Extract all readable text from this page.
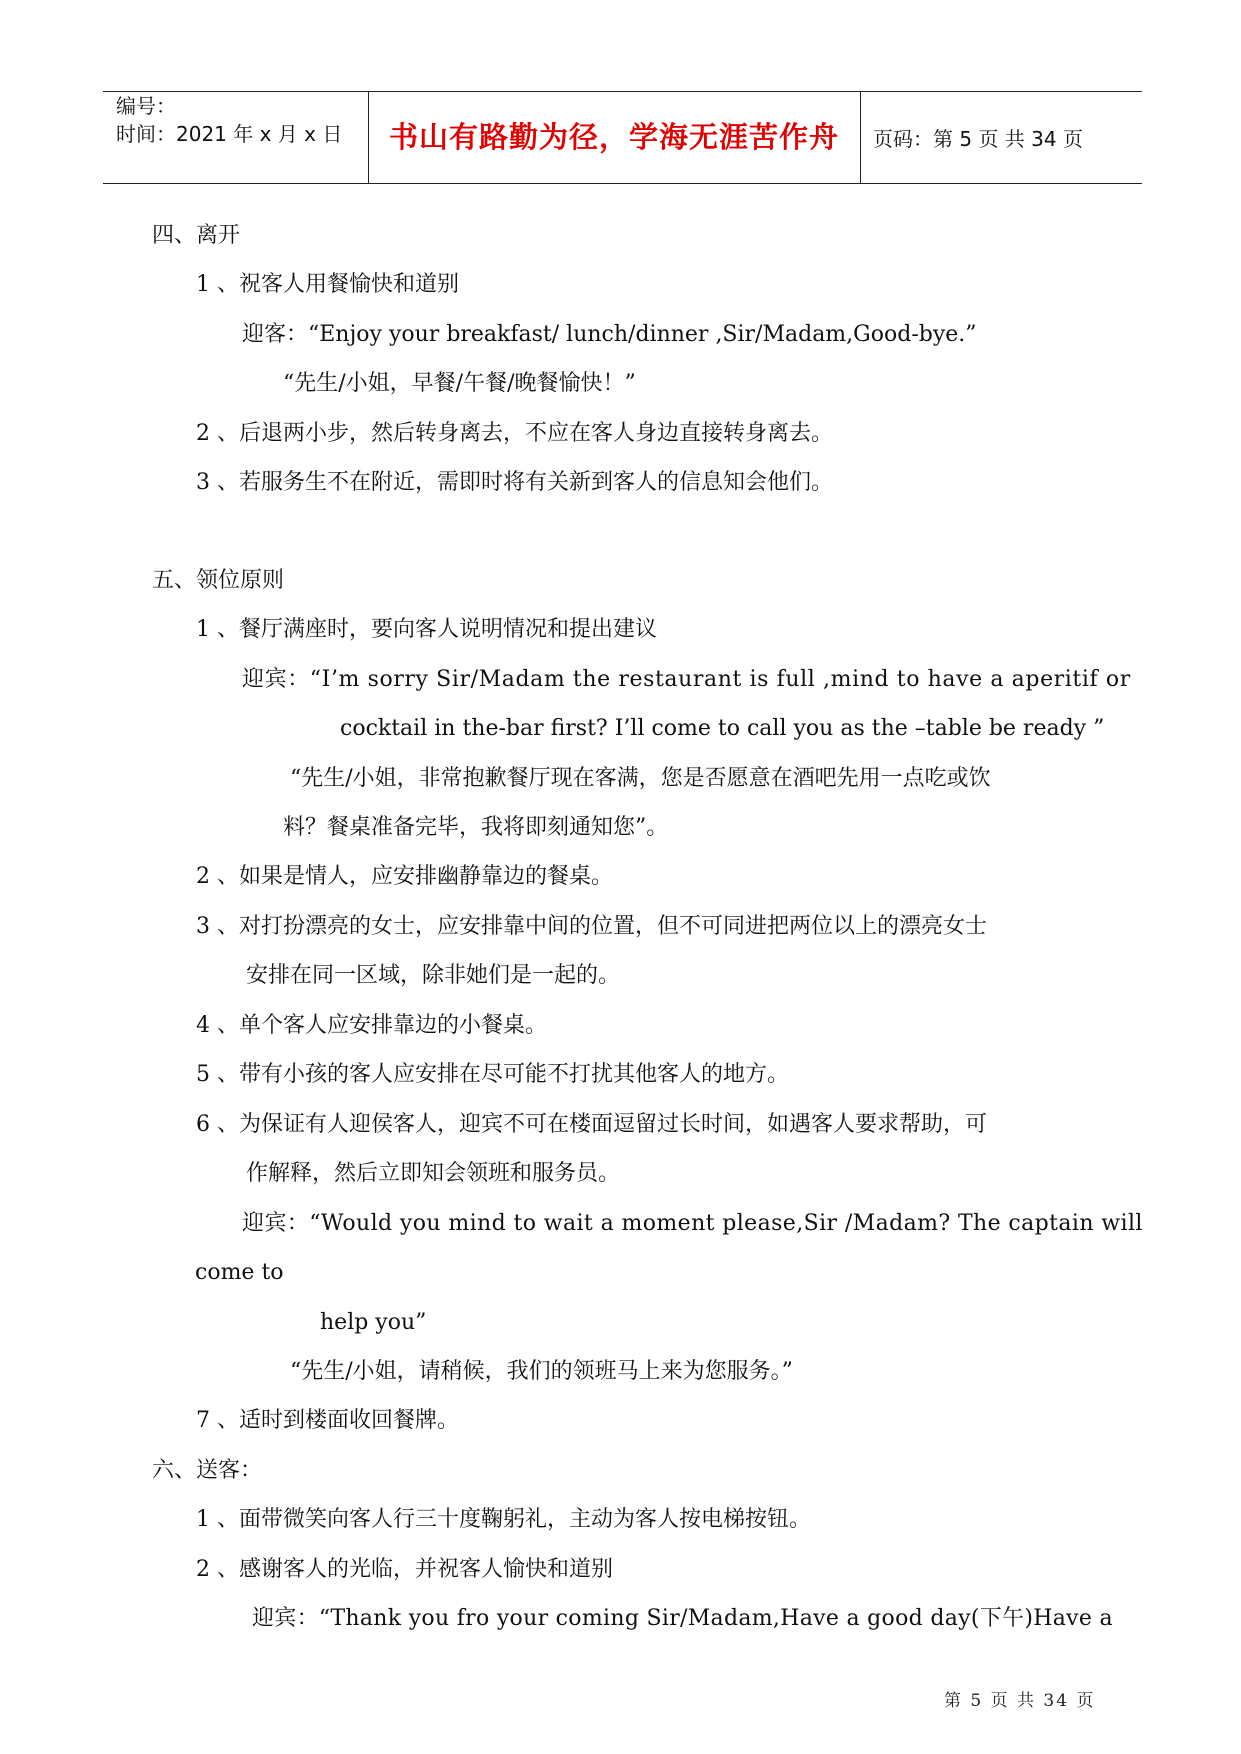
编号：
时间：2021 年 x 月 x 日	书山有路勤为径，学海无涯苦作舟	页码：第 5 页 共 34 页
四、离开
1 、祝客人用餐愉快和道别
迎客：“Enjoy your breakfast/ lunch/dinner ,Sir/Madam,Good-bye.”
“先生/小姐，早餐/午餐/晚餐愉快！”
2 、后退两小步，然后转身离去，不应在客人身边直接转身离去。
3 、若服务生不在附近，需即时将有关新到客人的信息知会他们。
五、领位原则
1 、餐厅满座时，要向客人说明情况和提出建议
迎宾：“I’m sorry Sir/Madam the restaurant is full ,mind to have a aperitif or
cocktail in the-bar first? I’ll come to call you as the –table be ready ”
“先生/小姐，非常抱歉餐厅现在客满，您是否愿意在酒吧先用一点吃或饮
料？餐桌准备完毕，我将即刻通知您”。
2 、如果是情人，应安排幽静靠边的餐桌。
3 、对打扮漂亮的女士，应安排靠中间的位置，但不可同进把两位以上的漂亮女士
安排在同一区域，除非她们是一起的。
4 、单个客人应安排靠边的小餐桌。
5 、带有小孩的客人应安排在尽可能不打扰其他客人的地方。
6 、为保证有人迎侯客人，迎宾不可在楼面逗留过长时间，如遇客人要求帮助，可
作解释，然后立即知会领班和服务员。
迎宾：“Would you mind to wait a moment please,Sir /Madam? The captain will
come to
help you”
“先生/小姐，请稍候，我们的领班马上来为您服务。”
7 、适时到楼面收回餐牌。
六、送客：
1 、面带微笑向客人行三十度鞠躬礼，主动为客人按电梯按钮。
2 、感谢客人的光临，并祝客人愉快和道别
迎宾：“Thank you fro your coming Sir/Madam,Have a good day(下午)Have a
第 5 页 共 34 页
